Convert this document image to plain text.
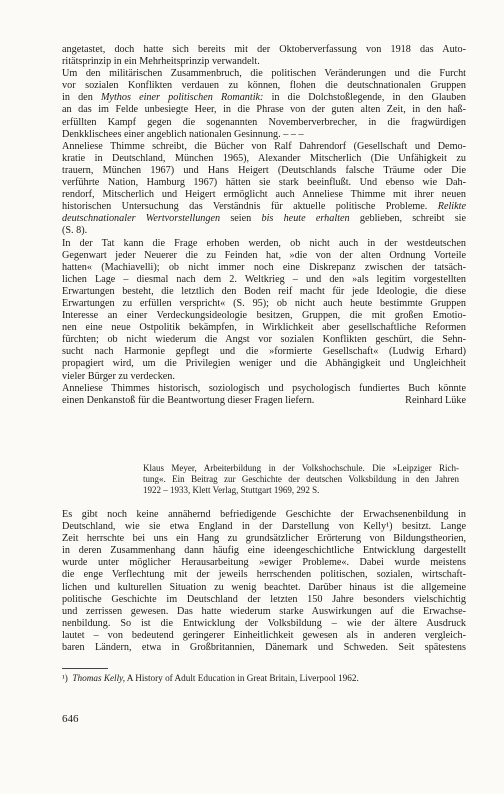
angetastet, doch hatte sich bereits mit der Oktoberverfassung von 1918 das Auto-
ritätsprinzip in ein Mehrheitsprinzip verwandelt.
Um den militärischen Zusammenbruch, die politischen Veränderungen und die Furcht
vor sozialen Konflikten verdauen zu können, flohen die deutschnationalen Gruppen
in den Mythos einer politischen Romantik: in die Dolchstoßlegende, in den Glauben
an das im Felde unbesiegte Heer, in die Phrase von der guten alten Zeit, in den haß-
erfüllten Kampf gegen die sogenannten Novemberverbrecher, in die fragwürdigen
Denkklischees einer angeblich nationalen Gesinnung. – – –
Anneliese Thimme schreibt, die Bücher von Ralf Dahrendorf (Gesellschaft und Demo-
kratie in Deutschland, München 1965), Alexander Mitscherlich (Die Unfähigkeit zu
trauern, München 1967) und Hans Heigert (Deutschlands falsche Träume oder Die
verführte Nation, Hamburg 1967) hätten sie stark beeinflußt. Und ebenso wie Dah-
rendorf, Mitscherlich und Heigert ermöglicht auch Anneliese Thimme mit ihrer neuen
historischen Untersuchung das Verständnis für aktuelle politische Probleme. Relikte
deutschnationaler Wertvorstellungen seien bis heute erhalten geblieben, schreibt sie
(S. 8).
In der Tat kann die Frage erhoben werden, ob nicht auch in der westdeutschen
Gegenwart jeder Neuerer die zu Feinden hat, »die von der alten Ordnung Vorteile
hatten« (Machiavelli); ob nicht immer noch eine Diskrepanz zwischen der tatsäch-
lichen Lage – diesmal nach dem 2. Weltkrieg – und den »als legitim vorgestellten
Erwartungen besteht, die letztlich den Boden reif macht für jede Ideologie, die diese
Erwartungen zu erfüllen verspricht« (S. 95); ob nicht auch heute bestimmte Gruppen
Interesse an einer Verdeckungsideologie besitzen, Gruppen, die mit großen Emotio-
nen eine neue Ostpolitik bekämpfen, in Wirklichkeit aber gesellschaftliche Reformen
fürchten; ob nicht wiederum die Angst vor sozialen Konflikten geschürt, die Sehn-
sucht nach Harmonie gepflegt und die »formierte Gesellschaft« (Ludwig Erhard)
propagiert wird, um die Privilegien weniger und die Abhängigkeit und Ungleichheit
vieler Bürger zu verdecken.
Anneliese Thimmes historisch, soziologisch und psychologisch fundiertes Buch könnte
einen Denkanstoß für die Beantwortung dieser Fragen liefern.	Reinhard Lüke
Klaus Meyer, Arbeiterbildung in der Volkshochschule. Die »Leipziger Rich-
tung«. Ein Beitrag zur Geschichte der deutschen Volksbildung in den Jahren
1922 – 1933, Klett Verlag, Stuttgart 1969, 292 S.
Es gibt noch keine annähernd befriedigende Geschichte der Erwachsenenbildung in
Deutschland, wie sie etwa England in der Darstellung von Kelly¹) besitzt. Lange
Zeit herrschte bei uns ein Hang zu grundsätzlicher Erörterung von Bildungstheorien,
in deren Zusammenhang dann häufig eine ideengeschichtliche Entwicklung dargestellt
wurde unter möglicher Herausarbeitung »ewiger Probleme«. Dabei wurde meistens
die enge Verflechtung mit der jeweils herrschenden politischen, sozialen, wirtschaft-
lichen und kulturellen Situation zu wenig beachtet. Darüber hinaus ist die allgemeine
politische Geschichte im Deutschland der letzten 150 Jahre besonders vielschichtig
und zerrissen gewesen. Das hatte wiederum starke Auswirkungen auf die Erwachse-
nenbildung. So ist die Entwicklung der Volksbildung – wie der ältere Ausdruck
lautet – von bedeutend geringerer Einheitlichkeit gewesen als in anderen vergleich-
baren Ländern, etwa in Großbritannien, Dänemark und Schweden. Seit spätestens
¹) Thomas Kelly, A History of Adult Education in Great Britain, Liverpool 1962.
646
